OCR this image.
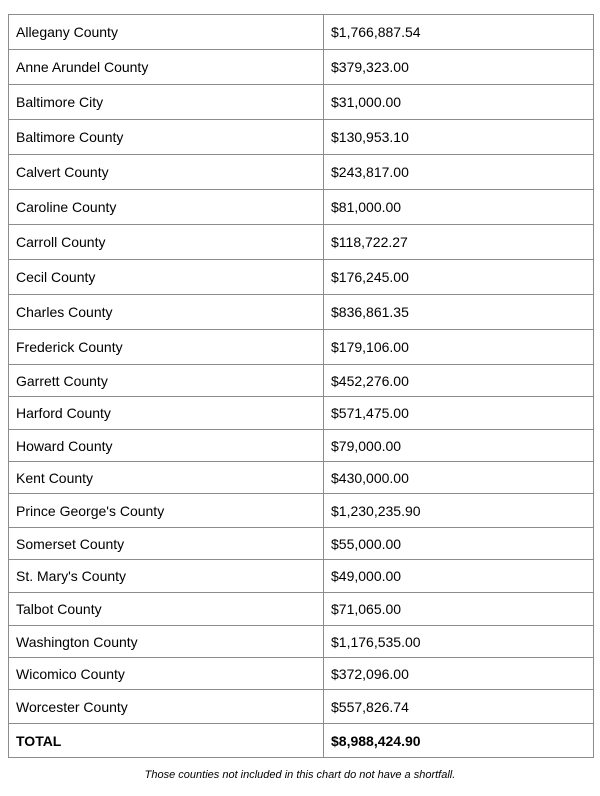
Allegany County	$1,766,887.54
Anne Arundel County	$379,323.00
Baltimore City	$31,000.00
Baltimore County	$130,953.10
Calvert County	$243,817.00
Caroline County	$81,000.00
Carroll County	$118,722.27
Cecil County	$176,245.00
Charles County	$836,861.35
Frederick County	$179,106.00
Garrett County	$452,276.00
Harford County	$571,475.00
Howard County	$79,000.00
Kent County	$430,000.00
Prince George's County	$1,230,235.90
Somerset County	$55,000.00
St. Mary's County	$49,000.00
Talbot County	$71,065.00
Washington County	$1,176,535.00
Wicomico County	$372,096.00
Worcester County	$557,826.74
TOTAL	$8,988,424.90
Those counties not included in this chart do not have a shortfall.
